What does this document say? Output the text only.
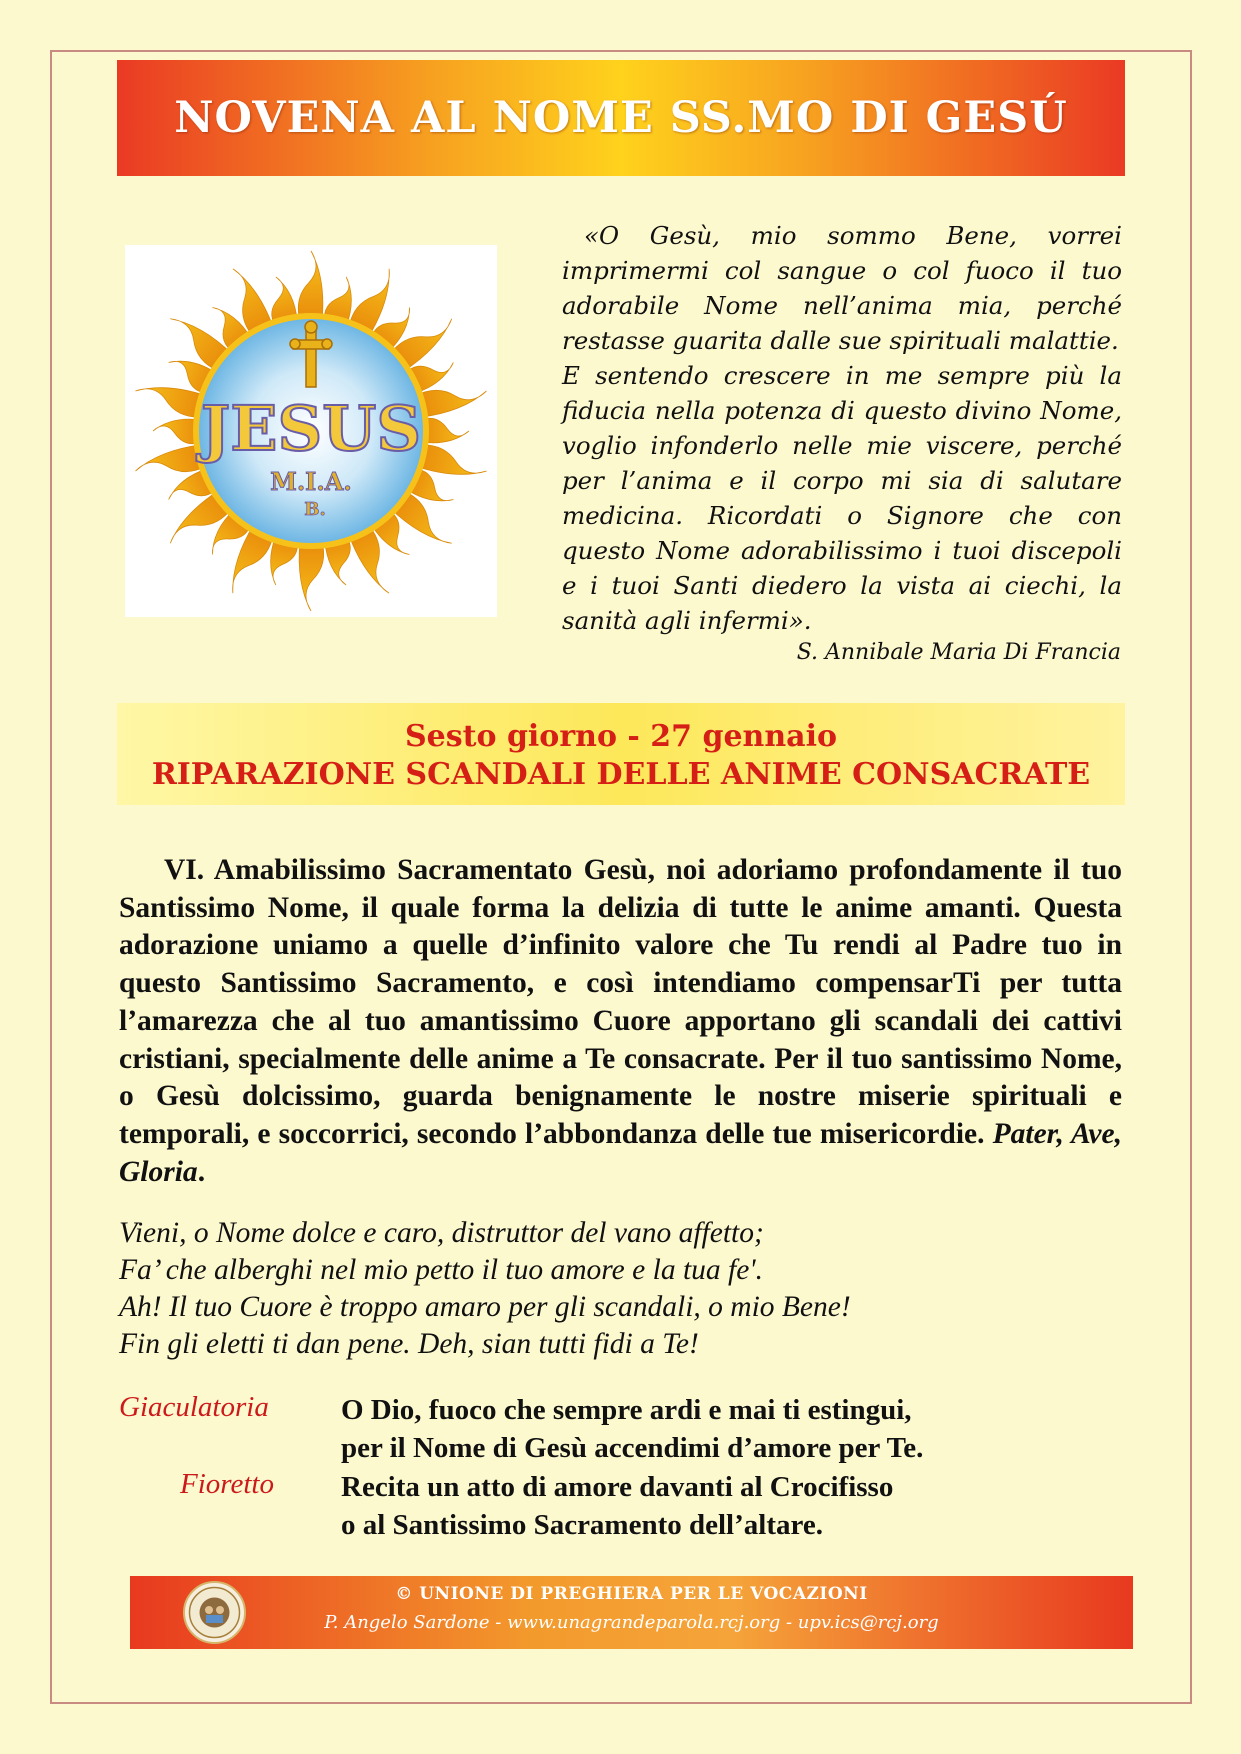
NOVENA AL NOME SS.MO DI GESÚ
JESUS
M.I.A.
B.

«O Gesù, mio sommo Bene, vorrei imprimermi col sangue o col fuoco il tuo adorabile Nome nell’anima mia, perché restasse guarita dalle sue spirituali malattie.

E sentendo crescere in me sempre più la fiducia nella potenza di questo divino Nome, voglio infonderlo nelle mie viscere, perché per l’anima e il corpo mi sia di salutare medicina. Ricordati o Signore che con questo Nome adorabilissimo i tuoi discepoli e i tuoi Santi diedero la vista ai ciechi, la sanità agli infermi».

S. Annibale Maria Di Francia
Sesto giorno - 27 gennaio
RIPARAZIONE SCANDALI DELLE ANIME CONSACRATE
VI. Amabilissimo Sacramentato Gesù, noi adoriamo profondamente il tuo Santissimo Nome, il quale forma la delizia di tutte le anime amanti. Questa adorazione uniamo a quelle d’infinito valore che Tu rendi al Padre tuo in questo Santissimo Sacramento, e così intendiamo compensarTi per tutta l’amarezza che al tuo amantissimo Cuore apportano gli scandali dei cattivi cristiani, specialmente delle anime a Te consacrate. Per il tuo santissimo Nome, o Gesù dolcissimo, guarda benignamente le nostre miserie spirituali e temporali, e soccorrici, secondo l’abbondanza delle tue misericordie. Pater, Ave, Gloria.
Vieni, o Nome dolce e caro, distruttor del vano affetto;
Fa’ che alberghi nel mio petto il tuo amore e la tua fe'.
Ah! Il tuo Cuore è troppo amaro per gli scandali, o mio Bene!
Fin gli eletti ti dan pene. Deh, sian tutti fidi a Te!
Giaculatoria O Dio, fuoco che sempre ardi e mai ti estingui,
per il Nome di Gesù accendimi d’amore per Te.
Fioretto Recita un atto di amore davanti al Crocifisso
o al Santissimo Sacramento dell’altare.
© UNIONE DI PREGHIERA PER LE VOCAZIONI
P. Angelo Sardone - www.unagrandeparola.rcj.org - upv.ics@rcj.org
